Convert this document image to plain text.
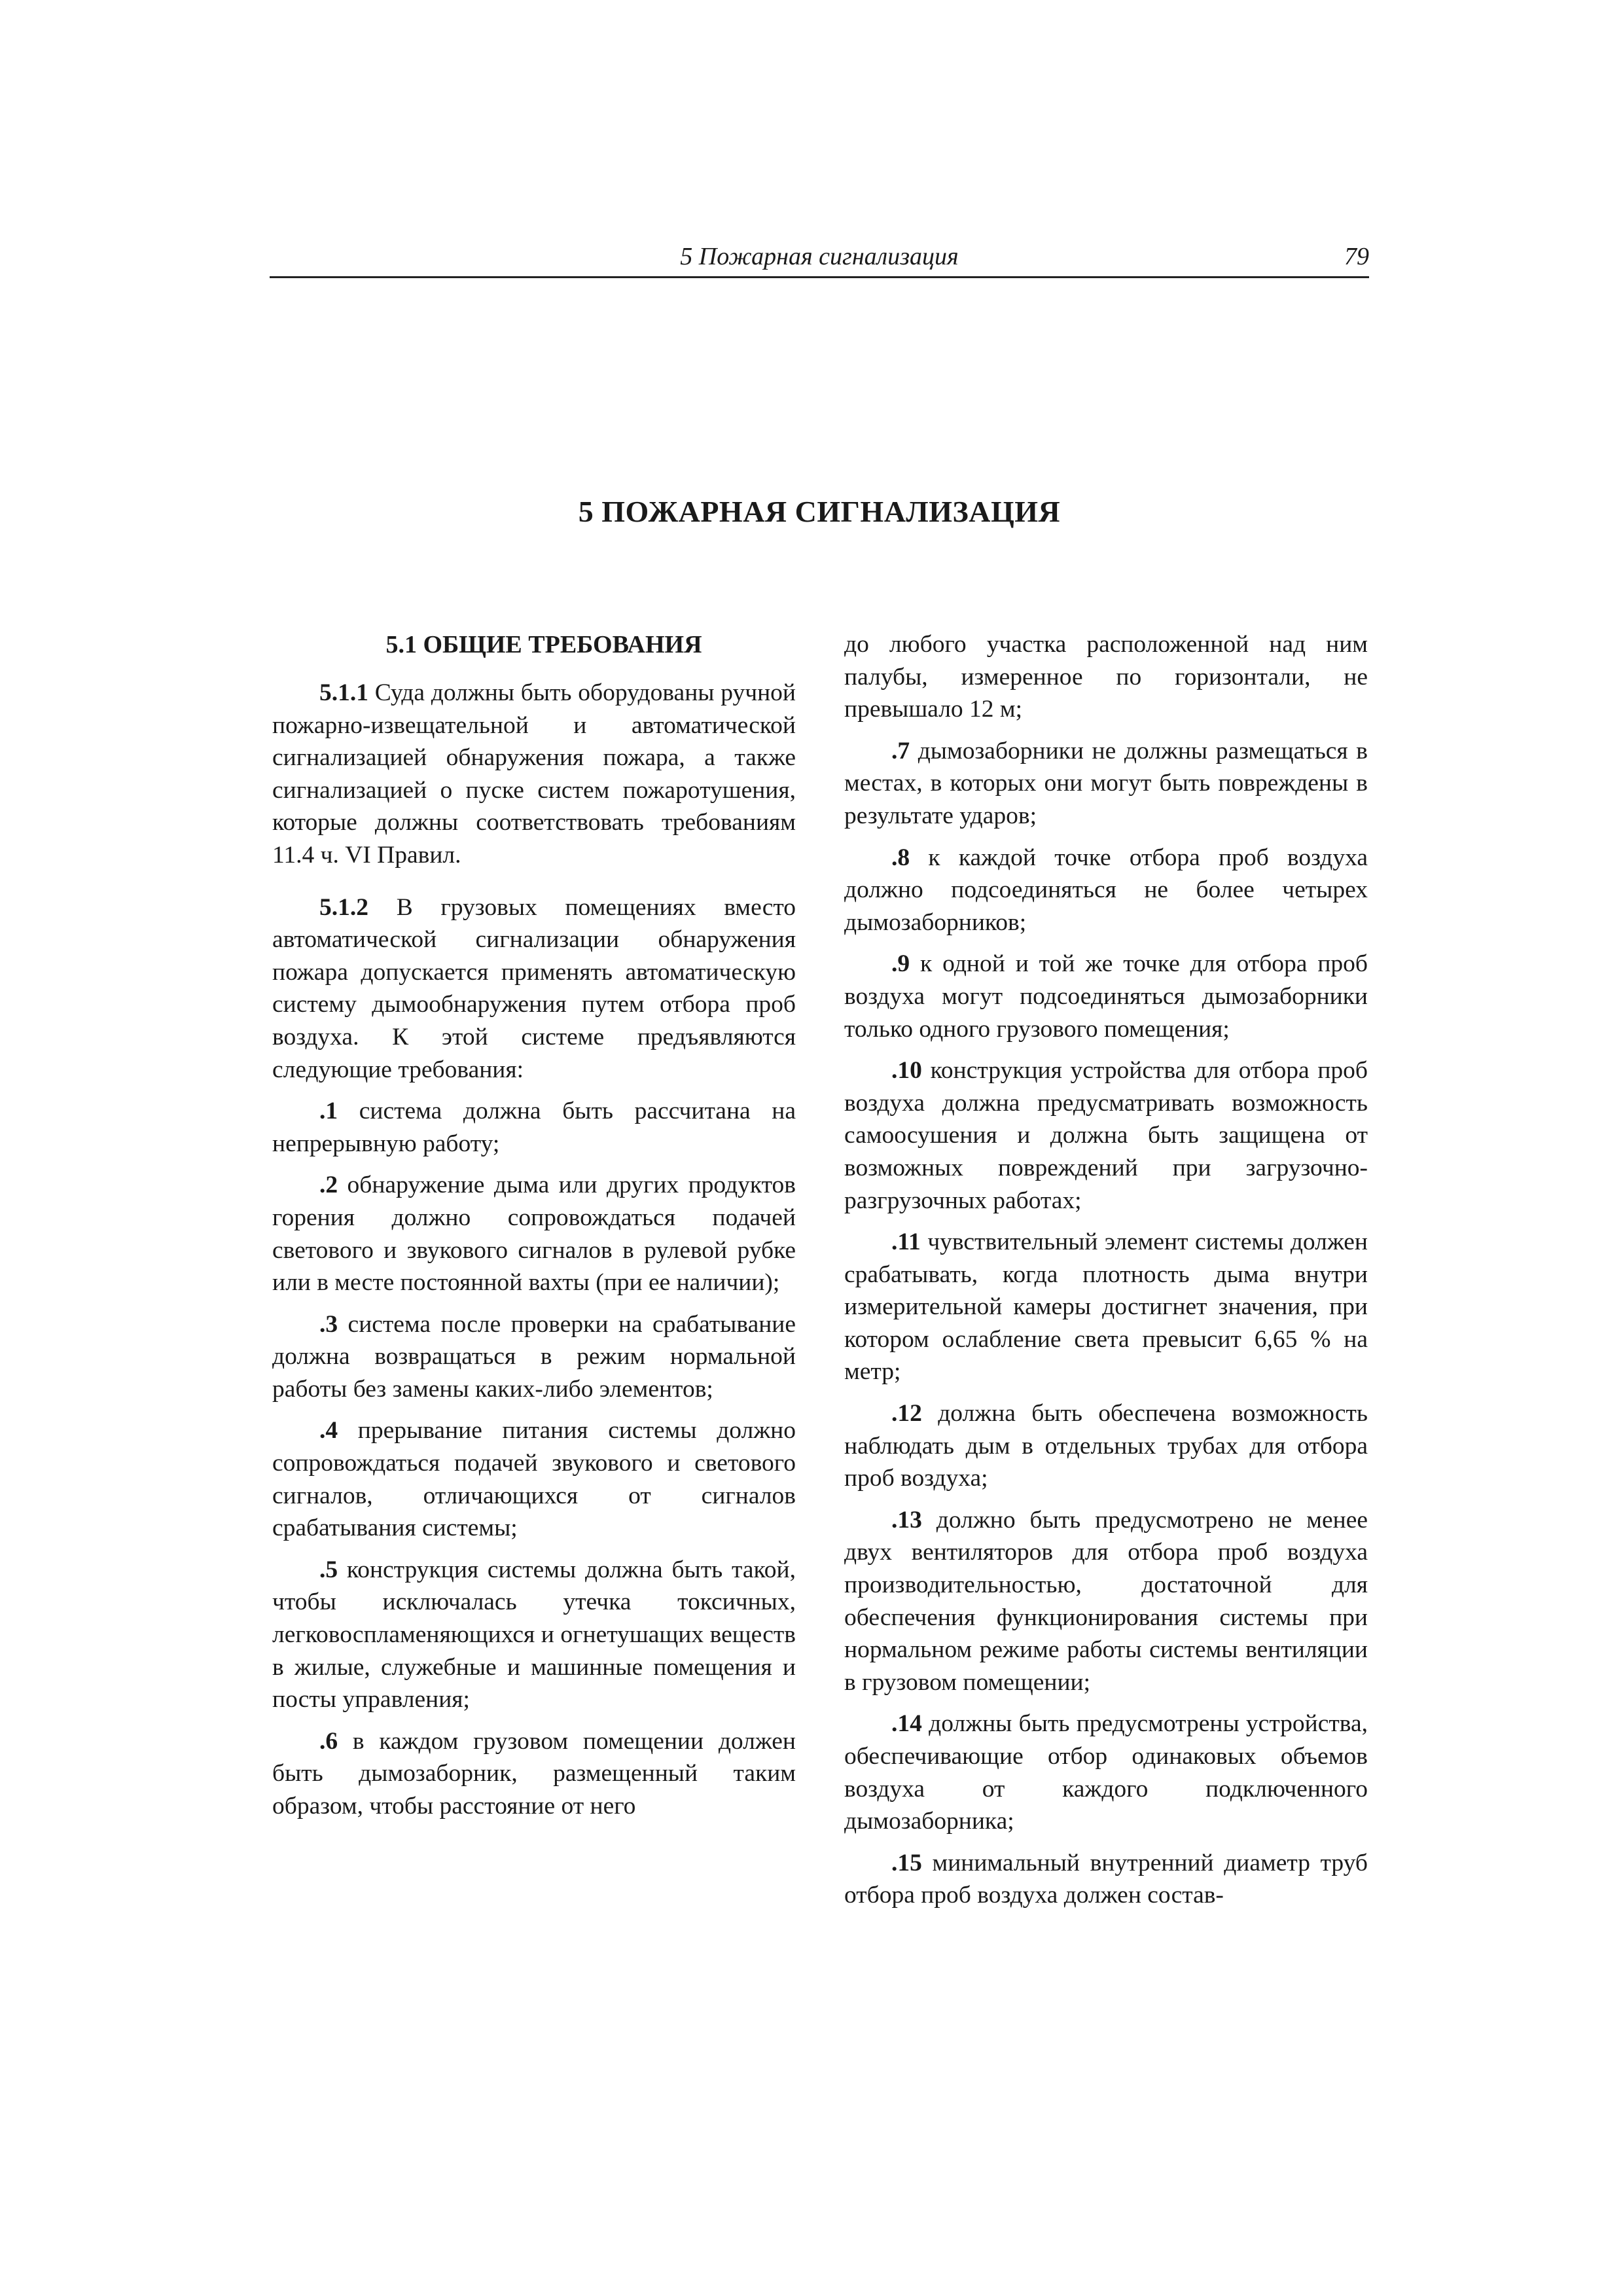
5 Пожарная сигнализация	79
5 ПОЖАРНАЯ СИГНАЛИЗАЦИЯ
5.1 ОБЩИЕ ТРЕБОВАНИЯ

5.1.1 Суда должны быть оборудованы ручной пожарно-извещательной и автоматической сигнализацией обнаружения пожара, а также сигнализацией о пуске систем пожаротушения, которые должны соответствовать требованиям 11.4 ч. VI Правил.

5.1.2 В грузовых помещениях вместо автоматической сигнализации обнаружения пожара допускается применять автоматическую систему дымообнаружения путем отбора проб воздуха. К этой системе предъявляются следующие требования:

.1 система должна быть рассчитана на непрерывную работу;

.2 обнаружение дыма или других продуктов горения должно сопровождаться подачей светового и звукового сигналов в рулевой рубке или в месте постоянной вахты (при ее наличии);

.3 система после проверки на срабатывание должна возвращаться в режим нормальной работы без замены каких-либо элементов;

.4 прерывание питания системы должно сопровождаться подачей звукового и светового сигналов, отличающихся от сигналов срабатывания системы;

.5 конструкция системы должна быть такой, чтобы исключалась утечка токсичных, легковоспламеняющихся и огнетушащих веществ в жилые, служебные и машинные помещения и посты управления;

.6 в каждом грузовом помещении должен быть дымозаборник, размещенный таким образом, чтобы расстояние от него

до любого участка расположенной над ним палубы, измеренное по горизонтали, не превышало 12 м;

.7 дымозаборники не должны размещаться в местах, в которых они могут быть повреждены в результате ударов;

.8 к каждой точке отбора проб воздуха должно подсоединяться не более четырех дымозаборников;

.9 к одной и той же точке для отбора проб воздуха могут подсоединяться дымозаборники только одного грузового помещения;

.10 конструкция устройства для отбора проб воздуха должна предусматривать возможность самоосушения и должна быть защищена от возможных повреждений при загрузочно-разгрузочных работах;

.11 чувствительный элемент системы должен срабатывать, когда плотность дыма внутри измерительной камеры достигнет значения, при котором ослабление света превысит 6,65 % на метр;

.12 должна быть обеспечена возможность наблюдать дым в отдельных трубах для отбора проб воздуха;

.13 должно быть предусмотрено не менее двух вентиляторов для отбора проб воздуха производительностью, достаточной для обеспечения функционирования системы при нормальном режиме работы системы вентиляции в грузовом помещении;

.14 должны быть предусмотрены устройства, обеспечивающие отбор одинаковых объемов воздуха от каждого подключенного дымозаборника;

.15 минимальный внутренний диаметр труб отбора проб воздуха должен состав-
